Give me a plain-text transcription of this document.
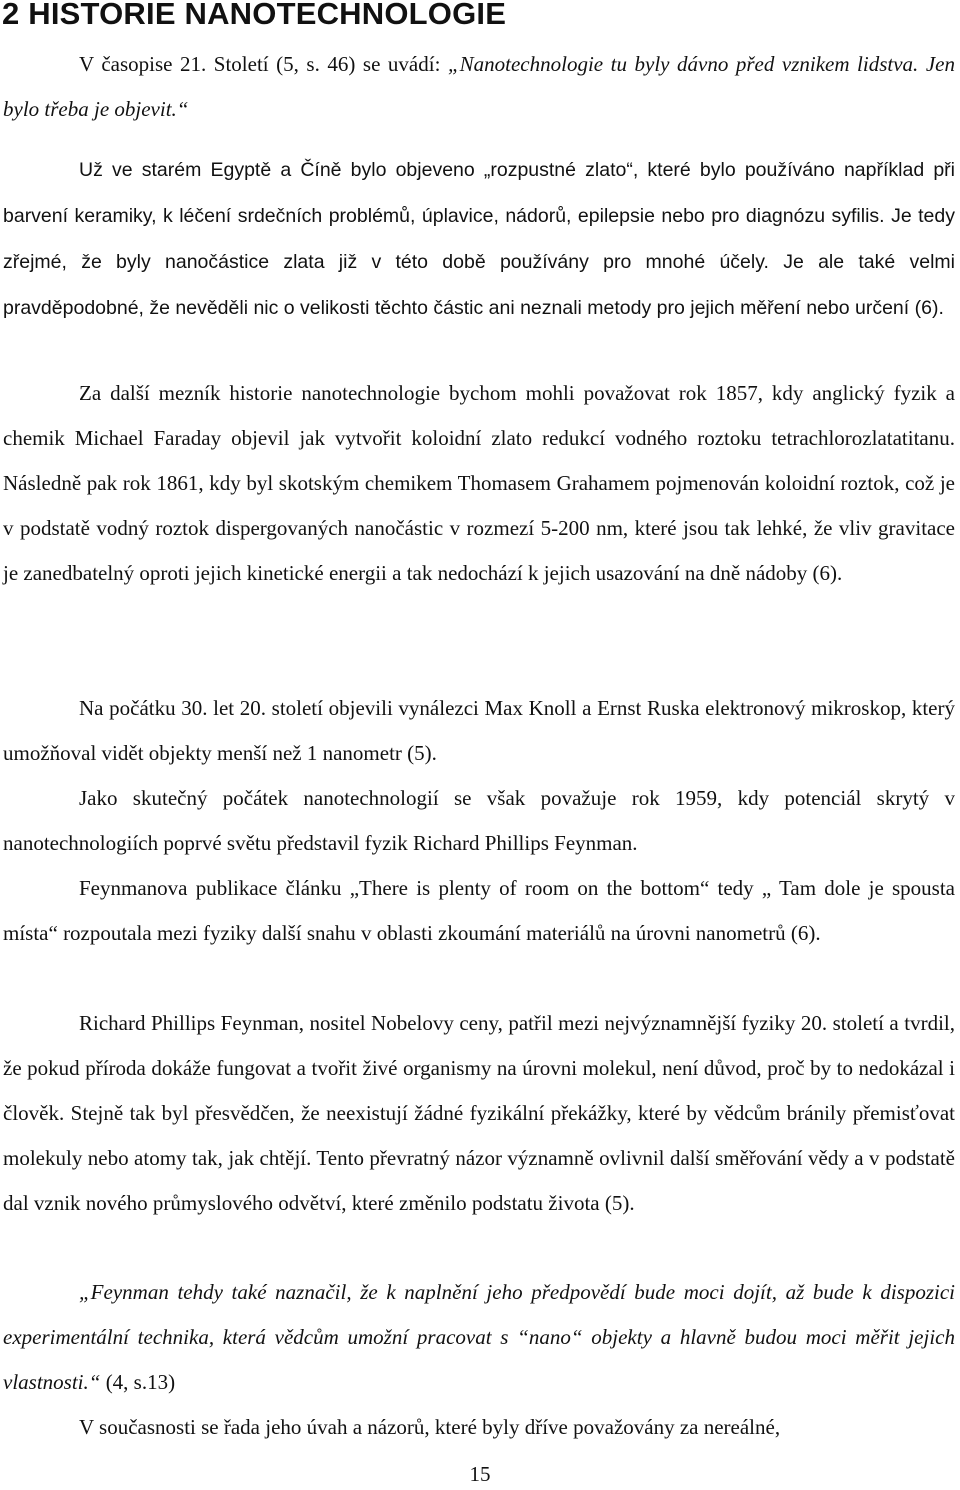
2 HISTORIE NANOTECHNOLOGIE

V časopise 21. Století (5, s. 46) se uvádí: „Nanotechnologie tu byly dávno před vznikem lidstva. Jen bylo třeba je objevit.“

Už ve starém Egyptě a Číně bylo objeveno „rozpustné zlato“, které bylo používáno například při barvení keramiky, k léčení srdečních problémů, úplavice, nádorů, epilepsie nebo pro diagnózu syfilis. Je tedy zřejmé, že byly nanočástice zlata již v této době používány pro mnohé účely. Je ale také velmi pravděpodobné, že nevěděli nic o velikosti těchto částic ani neznali metody pro jejich měření nebo určení (6).

Za další mezník historie nanotechnologie bychom mohli považovat rok 1857, kdy anglický fyzik a chemik Michael Faraday objevil jak vytvořit koloidní zlato redukcí vodného roztoku tetrachlorozlatatitanu. Následně pak rok 1861, kdy byl skotským chemikem Thomasem Grahamem pojmenován koloidní roztok, což je v podstatě vodný roztok dispergovaných nanočástic v rozmezí 5-200 nm, které jsou tak lehké, že vliv gravitace je zanedbatelný oproti jejich kinetické energii a tak nedochází k jejich usazování na dně nádoby (6).

Na počátku 30. let 20. století objevili vynálezci Max Knoll a Ernst Ruska elektronový mikroskop, který umožňoval vidět objekty menší než 1 nanometr (5).

Jako skutečný počátek nanotechnologií se však považuje rok 1959, kdy potenciál skrytý v nanotechnologiích poprvé světu představil fyzik Richard Phillips Feynman.

Feynmanova publikace článku „There is plenty of room on the bottom“ tedy „ Tam dole je spousta místa“ rozpoutala mezi fyziky další snahu v oblasti zkoumání materiálů na úrovni nanometrů (6).

Richard Phillips Feynman, nositel Nobelovy ceny, patřil mezi nejvýznamnější fyziky 20. století a tvrdil, že pokud příroda dokáže fungovat a tvořit živé organismy na úrovni molekul, není důvod, proč by to nedokázal i člověk. Stejně tak byl přesvědčen, že neexistují žádné fyzikální překážky, které by vědcům bránily přemisťovat molekuly nebo atomy tak, jak chtějí. Tento převratný názor významně ovlivnil další směřování vědy a v podstatě dal vznik nového průmyslového odvětví, které změnilo podstatu života (5).

„Feynman tehdy také naznačil, že k naplnění jeho předpovědí bude moci dojít, až bude k dispozici experimentální technika, která vědcům umožní pracovat s “nano“ objekty a hlavně budou moci měřit jejich vlastnosti.“ (4, s.13)

V současnosti se řada jeho úvah a názorů, které byly dříve považovány za nereálné,

15
